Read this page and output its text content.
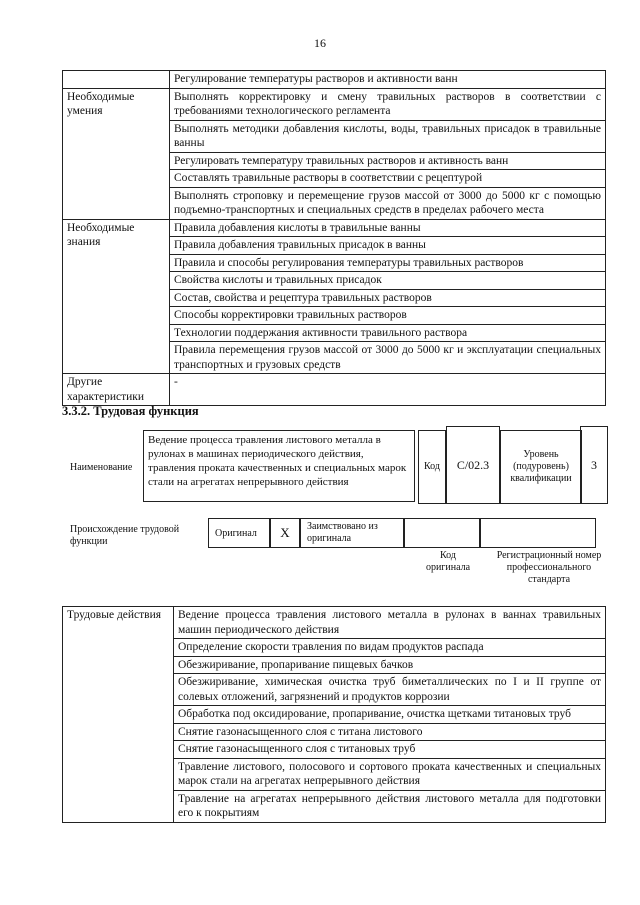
16
	Регулирование температуры растворов и активности ванн
Необходимые умения	Выполнять корректировку и смену травильных растворов в соответствии с требованиями технологического регламента
	Выполнять методики добавления кислоты, воды, травильных присадок в травильные ванны
	Регулировать температуру травильных растворов и активность ванн
	Составлять травильные растворы в соответствии с рецептурой
	Выполнять строповку и перемещение грузов массой от 3000 до 5000 кг с помощью подъемно-транспортных и специальных средств в пределах рабочего места
Необходимые знания	Правила добавления кислоты в травильные ванны
	Правила добавления травильных присадок в ванны
	Правила и способы регулирования температуры травильных растворов
	Свойства кислоты и травильных присадок
	Состав, свойства и рецептура травильных растворов
	Способы корректировки травильных растворов
	Технологии поддержания активности травильного раствора
	Правила перемещения грузов массой от 3000 до 5000 кг и эксплуатации специальных транспортных и грузовых средств
Другие характеристики	-
3.3.2. Трудовая функция
Наименование
Ведение процесса травления листового металла в рулонах в машинах периодического действия, травления проката качественных и специальных марок стали на агрегатах непрерывного действия
Код	С/02.3
Уровень (подуровень) квалификации
3
Происхождение трудовой функции
Оригинал	X	Заимствовано из оригинала
Код оригинала
Регистрационный номер профессионального стандарта
Трудовые действия	Ведение процесса травления листового металла в рулонах в ваннах травильных машин периодического действия
Определение скорости травления по видам продуктов распада
Обезжиривание, пропаривание пищевых бачков
Обезжиривание, химическая очистка труб биметаллических по I и II группе от солевых отложений, загрязнений и продуктов коррозии
Обработка под оксидирование, пропаривание, очистка щетками титановых труб
Снятие газонасыщенного слоя с титана листового
Снятие газонасыщенного слоя с титановых труб
Травление листового, полосового и сортового проката качественных и специальных марок стали на агрегатах непрерывного действия
Травление на агрегатах непрерывного действия листового металла для подготовки его к покрытиям
